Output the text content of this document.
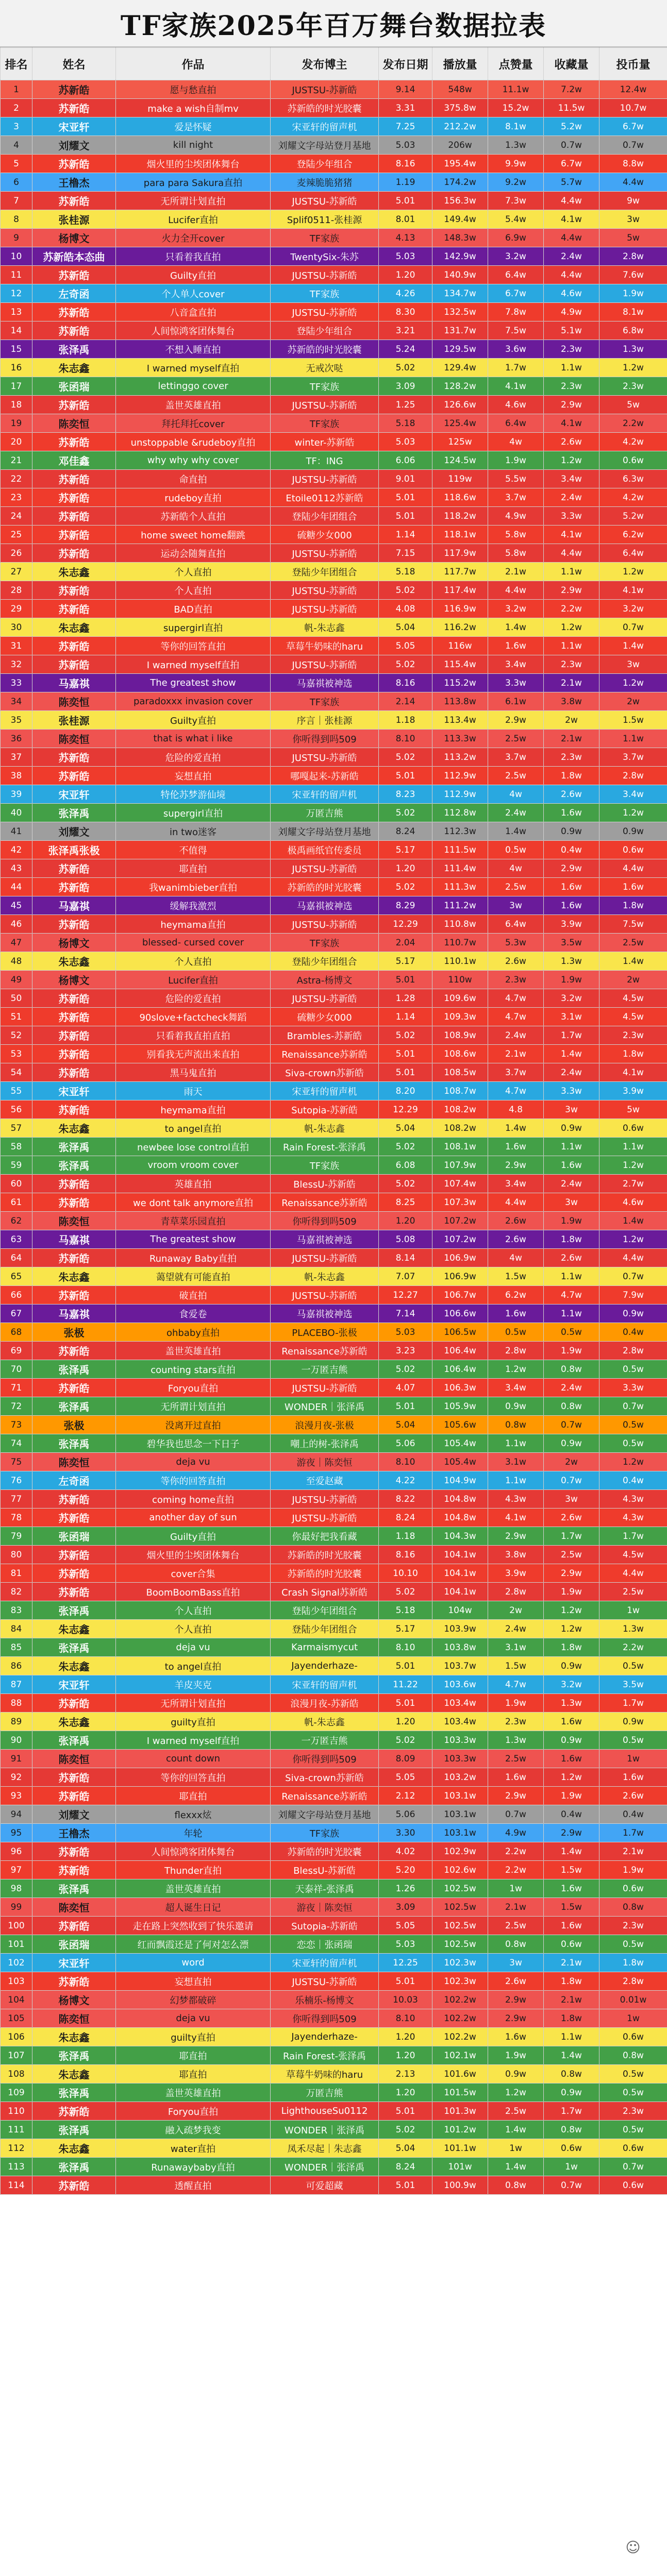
TF家族2025年百万舞台数据拉表
排名	姓名	作品	发布博主	发布日期	播放量	点赞量	收藏量	投币量
1	苏新皓	愿与愁直拍	JUSTSU-苏新皓	9.14	548w	11.1w	7.2w	12.4w
2	苏新皓	make a wish自制mv	苏新皓的时光胶囊	3.31	375.8w	15.2w	11.5w	10.7w
3	宋亚轩	爱是怀疑	宋亚轩的留声机	7.25	212.2w	8.1w	5.2w	6.7w
4	刘耀文	kill night	刘耀文字母站登月基地	5.03	206w	1.3w	0.7w	0.7w
5	苏新皓	烟火里的尘埃团体舞台	登陆少年组合	8.16	195.4w	9.9w	6.7w	8.8w
6	王橹杰	para para Sakura直拍	麦辣脆脆猪猪	1.19	174.2w	9.2w	5.7w	4.4w
7	苏新皓	无所谓计划直拍	JUSTSU-苏新皓	5.01	156.3w	7.3w	4.4w	9w
8	张桂源	Lucifer直拍	Splif0511-张桂源	8.01	149.4w	5.4w	4.1w	3w
9	杨博文	火力全开cover	TF家族	4.13	148.3w	6.9w	4.4w	5w
10	苏新皓本态曲	只看着我直拍	TwentySix-朱苏	5.03	142.9w	3.2w	2.4w	2.8w
11	苏新皓	Guilty直拍	JUSTSU-苏新皓	1.20	140.9w	6.4w	4.4w	7.6w
12	左奇函	个人单人cover	TF家族	4.26	134.7w	6.7w	4.6w	1.9w
13	苏新皓	八音盒直拍	JUSTSU-苏新皓	8.30	132.5w	7.8w	4.9w	8.1w
14	苏新皓	人间惊鸿客团体舞台	登陆少年组合	3.21	131.7w	7.5w	5.1w	6.8w
15	张泽禹	不想入睡直拍	苏新皓的时光胶囊	5.24	129.5w	3.6w	2.3w	1.3w
16	朱志鑫	I warned myself直拍	无戒次哒	5.02	129.4w	1.7w	1.1w	1.2w
17	张函瑞	lettinggo cover	TF家族	3.09	128.2w	4.1w	2.3w	2.3w
18	苏新皓	盖世英雄直拍	JUSTSU-苏新皓	1.25	126.6w	4.6w	2.9w	5w
19	陈奕恒	拜托拜托cover	TF家族	5.18	125.4w	6.4w	4.1w	2.2w
20	苏新皓	unstoppable &rudeboy直拍	winter-苏新皓	5.03	125w	4w	2.6w	4.2w
21	邓佳鑫	why why why cover	TF：ING	6.06	124.5w	1.9w	1.2w	0.6w
22	苏新皓	命直拍	JUSTSU-苏新皓	9.01	119w	5.5w	3.4w	6.3w
23	苏新皓	rudeboy直拍	Etoile0112苏新皓	5.01	118.6w	3.7w	2.4w	4.2w
24	苏新皓	苏新皓个人直拍	登陆少年团组合	5.01	118.2w	4.9w	3.3w	5.2w
25	苏新皓	home sweet home翻跳	硫糖少女000	1.14	118.1w	5.8w	4.1w	6.2w
26	苏新皓	运动会随舞直拍	JUSTSU-苏新皓	7.15	117.9w	5.8w	4.4w	6.4w
27	朱志鑫	个人直拍	登陆少年团组合	5.18	117.7w	2.1w	1.1w	1.2w
28	苏新皓	个人直拍	JUSTSU-苏新皓	5.02	117.4w	4.4w	2.9w	4.1w
29	苏新皓	BAD直拍	JUSTSU-苏新皓	4.08	116.9w	3.2w	2.2w	3.2w
30	朱志鑫	supergirl直拍	帆-朱志鑫	5.04	116.2w	1.4w	1.2w	0.7w
31	苏新皓	等你的回答直拍	草莓牛奶味的haru	5.05	116w	1.6w	1.1w	1.4w
32	苏新皓	I warned myself直拍	JUSTSU-苏新皓	5.02	115.4w	3.4w	2.3w	3w
33	马嘉祺	The greatest show	马嘉祺被神选	8.16	115.2w	3.3w	2.1w	1.2w
34	陈奕恒	paradoxxx invasion cover	TF家族	2.14	113.8w	6.1w	3.8w	2w
35	张桂源	Guilty直拍	序言｜张桂源	1.18	113.4w	2.9w	2w	1.5w
36	陈奕恒	that is what i like	你听得到吗509	8.10	113.3w	2.5w	2.1w	1.1w
37	苏新皓	危险的爱直拍	JUSTSU-苏新皓	5.02	113.2w	3.7w	2.3w	3.7w
38	苏新皓	妄想直拍	哪嘎起来-苏新皓	5.01	112.9w	2.5w	1.8w	2.8w
39	宋亚轩	特伦苏梦游仙境	宋亚轩的留声机	8.23	112.9w	4w	2.6w	3.4w
40	张泽禹	supergirl直拍	万匿吉熊	5.02	112.8w	2.4w	1.6w	1.2w
41	刘耀文	in two迷客	刘耀文字母站登月基地	8.24	112.3w	1.4w	0.9w	0.9w
42	张泽禹张极	不值得	极禹画纸官传委员	5.17	111.5w	0.5w	0.4w	0.6w
43	苏新皓	耶直拍	JUSTSU-苏新皓	1.20	111.4w	4w	2.9w	4.4w
44	苏新皓	我wanimbieber直拍	苏新皓的时光胶囊	5.02	111.3w	2.5w	1.6w	1.6w
45	马嘉祺	缓解我激烈	马嘉祺被神选	8.29	111.2w	3w	1.6w	1.8w
46	苏新皓	heymama直拍	JUSTSU-苏新皓	12.29	110.8w	6.4w	3.9w	7.5w
47	杨博文	blessed- cursed cover	TF家族	2.04	110.7w	5.3w	3.5w	2.5w
48	朱志鑫	个人直拍	登陆少年团组合	5.17	110.1w	2.6w	1.3w	1.4w
49	杨博文	Lucifer直拍	Astra-杨博文	5.01	110w	2.3w	1.9w	2w
50	苏新皓	危险的爱直拍	JUSTSU-苏新皓	1.28	109.6w	4.7w	3.2w	4.5w
51	苏新皓	90slove+factcheck舞蹈	硫糖少女000	1.14	109.3w	4.7w	3.1w	4.5w
52	苏新皓	只看着我直拍直拍	Brambles-苏新皓	5.02	108.9w	2.4w	1.7w	2.3w
53	苏新皓	别看我无声流出来直拍	Renaissance苏新皓	5.01	108.6w	2.1w	1.4w	1.8w
54	苏新皓	黑马鬼直拍	Siva-crown苏新皓	5.01	108.5w	3.7w	2.4w	4.1w
55	宋亚轩	雨天	宋亚轩的留声机	8.20	108.7w	4.7w	3.3w	3.9w
56	苏新皓	heymama直拍	Sutopia-苏新皓	12.29	108.2w	4.8	3w	5w
57	朱志鑫	to angel直拍	帆-朱志鑫	5.04	108.2w	1.4w	0.9w	0.6w
58	张泽禹	newbee lose control直拍	Rain Forest-张泽禹	5.02	108.1w	1.6w	1.1w	1.1w
59	张泽禹	vroom vroom cover	TF家族	6.08	107.9w	2.9w	1.6w	1.2w
60	苏新皓	英雄直拍	BlessU-苏新皓	5.02	107.4w	3.4w	2.4w	2.7w
61	苏新皓	we dont talk anymore直拍	Renaissance苏新皓	8.25	107.3w	4.4w	3w	4.6w
62	陈奕恒	青草菜乐园直拍	你听得到吗509	1.20	107.2w	2.6w	1.9w	1.4w
63	马嘉祺	The greatest show	马嘉祺被神选	5.08	107.2w	2.6w	1.8w	1.2w
64	苏新皓	Runaway Baby直拍	JUSTSU-苏新皓	8.14	106.9w	4w	2.6w	4.4w
65	朱志鑫	蔼望就有可能直拍	帆-朱志鑫	7.07	106.9w	1.5w	1.1w	0.7w
66	苏新皓	破直拍	JUSTSU-苏新皓	12.27	106.7w	6.2w	4.7w	7.9w
67	马嘉祺	食爱卷	马嘉祺被神选	7.14	106.6w	1.6w	1.1w	0.9w
68	张极	ohbaby直拍	PLACEBO-张极	5.03	106.5w	0.5w	0.5w	0.4w
69	苏新皓	盖世英雄直拍	Renaissance苏新皓	3.23	106.4w	2.8w	1.9w	2.8w
70	张泽禹	counting stars直拍	一万匿吉熊	5.02	106.4w	1.2w	0.8w	0.5w
71	苏新皓	Foryou直拍	JUSTSU-苏新皓	4.07	106.3w	3.4w	2.4w	3.3w
72	张泽禹	无所谓计划直拍	WONDER｜张泽禹	5.01	105.9w	0.9w	0.8w	0.7w
73	张极	没离开过直拍	浪漫月夜-张极	5.04	105.6w	0.8w	0.7w	0.5w
74	张泽禹	碧华我也思念一下日子	嘲上的树-张泽禹	5.06	105.4w	1.1w	0.9w	0.5w
75	陈奕恒	deja vu	游夜｜陈奕恒	8.10	105.4w	3.1w	2w	1.2w
76	左奇函	等你的回答直拍	至爱赵藏	4.22	104.9w	1.1w	0.7w	0.4w
77	苏新皓	coming home直拍	JUSTSU-苏新皓	8.22	104.8w	4.3w	3w	4.3w
78	苏新皓	another day of sun	JUSTSU-苏新皓	8.24	104.8w	4.1w	2.6w	4.3w
79	张函瑞	Guilty直拍	你最好把我看藏	1.18	104.3w	2.9w	1.7w	1.7w
80	苏新皓	烟火里的尘埃团体舞台	苏新皓的时光胶囊	8.16	104.1w	3.8w	2.5w	4.5w
81	苏新皓	cover合集	苏新皓的时光胶囊	10.10	104.1w	3.9w	2.9w	4.4w
82	苏新皓	BoomBoomBass直拍	Crash Signal苏新皓	5.02	104.1w	2.8w	1.9w	2.5w
83	张泽禹	个人直拍	登陆少年团组合	5.18	104w	2w	1.2w	1w
84	朱志鑫	个人直拍	登陆少年团组合	5.17	103.9w	2.4w	1.2w	1.3w
85	张泽禹	deja vu	Karmaismycut	8.10	103.8w	3.1w	1.8w	2.2w
86	朱志鑫	to angel直拍	Jayenderhaze-	5.01	103.7w	1.5w	0.9w	0.5w
87	宋亚轩	羊皮夹克	宋亚轩的留声机	11.22	103.6w	4.7w	3.2w	3.5w
88	苏新皓	无所谓计划直拍	浪漫月夜-苏新皓	5.01	103.4w	1.9w	1.3w	1.7w
89	朱志鑫	guilty直拍	帆-朱志鑫	1.20	103.4w	2.3w	1.6w	0.9w
90	张泽禹	I warned myself直拍	一万匿吉熊	5.02	103.3w	1.3w	0.9w	0.5w
91	陈奕恒	count down	你听得到吗509	8.09	103.3w	2.5w	1.6w	1w
92	苏新皓	等你的回答直拍	Siva-crown苏新皓	5.05	103.2w	1.6w	1.2w	1.6w
93	苏新皓	耶直拍	Renaissance苏新皓	2.12	103.1w	2.9w	1.9w	2.6w
94	刘耀文	flexxx炫	刘耀文字母站登月基地	5.06	103.1w	0.7w	0.4w	0.4w
95	王橹杰	年轮	TF家族	3.30	103.1w	4.9w	2.9w	1.7w
96	苏新皓	人间惊鸿客团体舞台	苏新皓的时光胶囊	4.02	102.9w	2.2w	1.4w	2.1w
97	苏新皓	Thunder直拍	BlessU-苏新皓	5.20	102.6w	2.2w	1.5w	1.9w
98	张泽禹	盖世英雄直拍	天泰祥-张泽禹	1.26	102.5w	1w	1.6w	0.6w
99	陈奕恒	超人诞生日记	游夜｜陈奕恒	3.09	102.5w	2.1w	1.5w	0.8w
100	苏新皓	走在路上突然收到了快乐邀请	Sutopia-苏新皓	5.05	102.5w	2.5w	1.6w	2.3w
101	张函瑞	红而飘霞还是了何对怎么漂	恋恋｜张函瑞	5.03	102.5w	0.8w	0.6w	0.5w
102	宋亚轩	word	宋亚轩的留声机	12.25	102.3w	3w	2.1w	1.8w
103	苏新皓	妄想直拍	JUSTSU-苏新皓	5.01	102.3w	2.6w	1.8w	2.8w
104	杨博文	幻梦都破碎	乐楠乐-杨博文	10.03	102.2w	2.9w	2.1w	0.01w
105	陈奕恒	deja vu	你听得到吗509	8.10	102.2w	2.9w	1.8w	1w
106	朱志鑫	guilty直拍	Jayenderhaze-	1.20	102.2w	1.6w	1.1w	0.6w
107	张泽禹	耶直拍	Rain Forest-张泽禹	1.20	102.1w	1.9w	1.4w	0.8w
108	朱志鑫	耶直拍	草莓牛奶味的haru	2.13	101.6w	0.9w	0.8w	0.5w
109	张泽禹	盖世英雄直拍	万匿吉熊	1.20	101.5w	1.2w	0.9w	0.5w
110	苏新皓	Foryou直拍	LighthouseSu0112	5.01	101.3w	2.5w	1.7w	2.3w
111	张泽禹	融入疏梦我变	WONDER｜张泽禹	5.02	101.2w	1.4w	0.8w	0.5w
112	朱志鑫	water直拍	凤禾尽起｜朱志鑫	5.04	101.1w	1w	0.6w	0.6w
113	张泽禹	Runawaybaby直拍	WONDER｜张泽禹	8.24	101w	1.4w	1w	0.7w
114	苏新皓	透醒直拍	可爱超藏	5.01	100.9w	0.8w	0.7w	0.6w
☺
